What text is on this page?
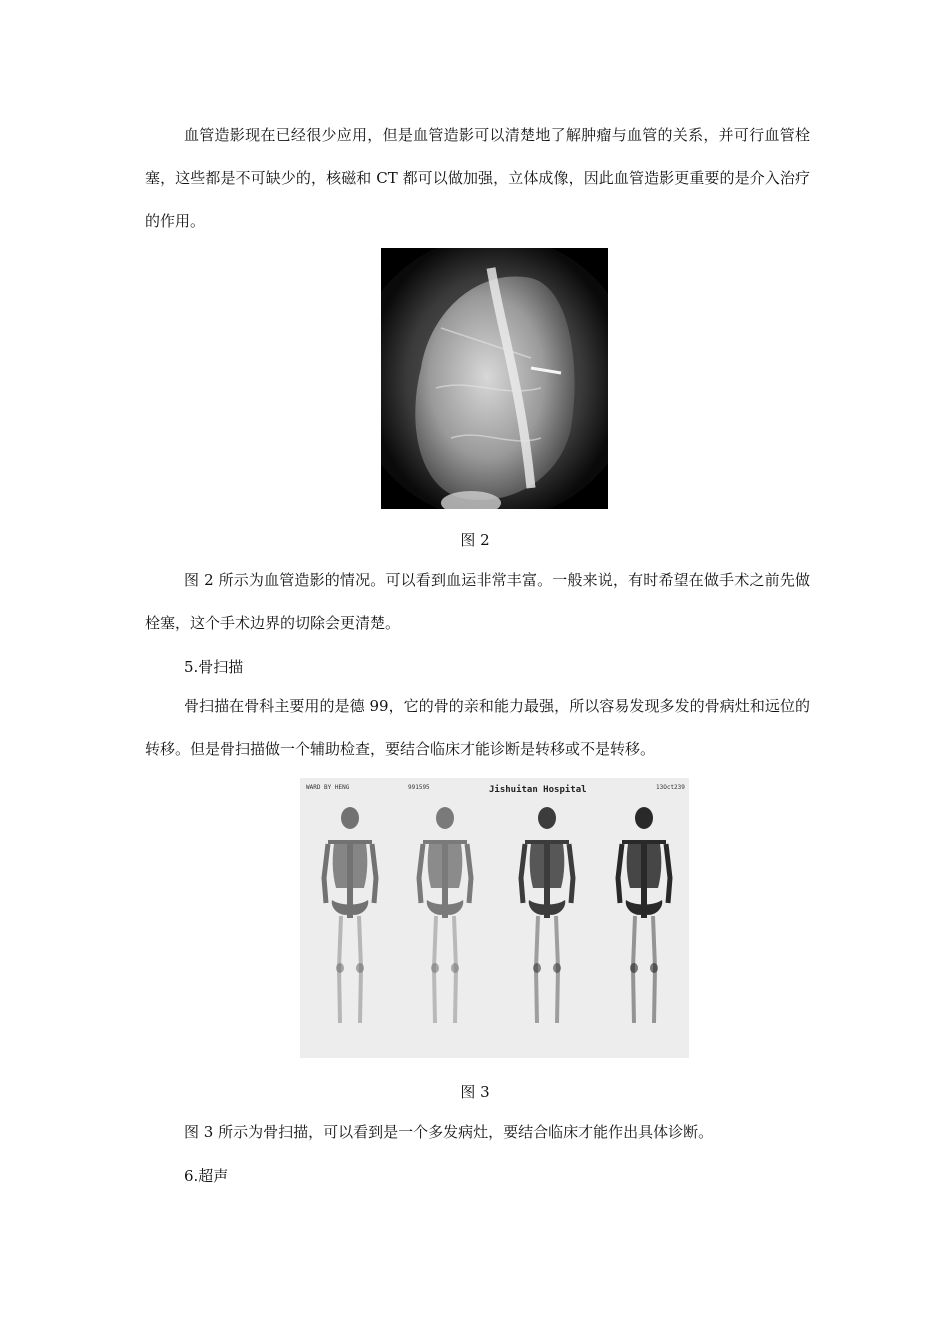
血管造影现在已经很少应用，但是血管造影可以清楚地了解肿瘤与血管的关系，并可行血管栓塞，这些都是不可缺少的，核磁和 CT 都可以做加强，立体成像，因此血管造影更重要的是介入治疗的作用。

图 2

图 2 所示为血管造影的情况。可以看到血运非常丰富。一般来说，有时希望在做手术之前先做栓塞，这个手术边界的切除会更清楚。

5.骨扫描

骨扫描在骨科主要用的是德 99，它的骨的亲和能力最强，所以容易发现多发的骨病灶和远位的转移。但是骨扫描做一个辅助检查，要结合临床才能诊断是转移或不是转移。

WARD BY HENG	991595	Jishuitan Hospital	13Oct239

图 3

图 3 所示为骨扫描，可以看到是一个多发病灶，要结合临床才能作出具体诊断。

6.超声
